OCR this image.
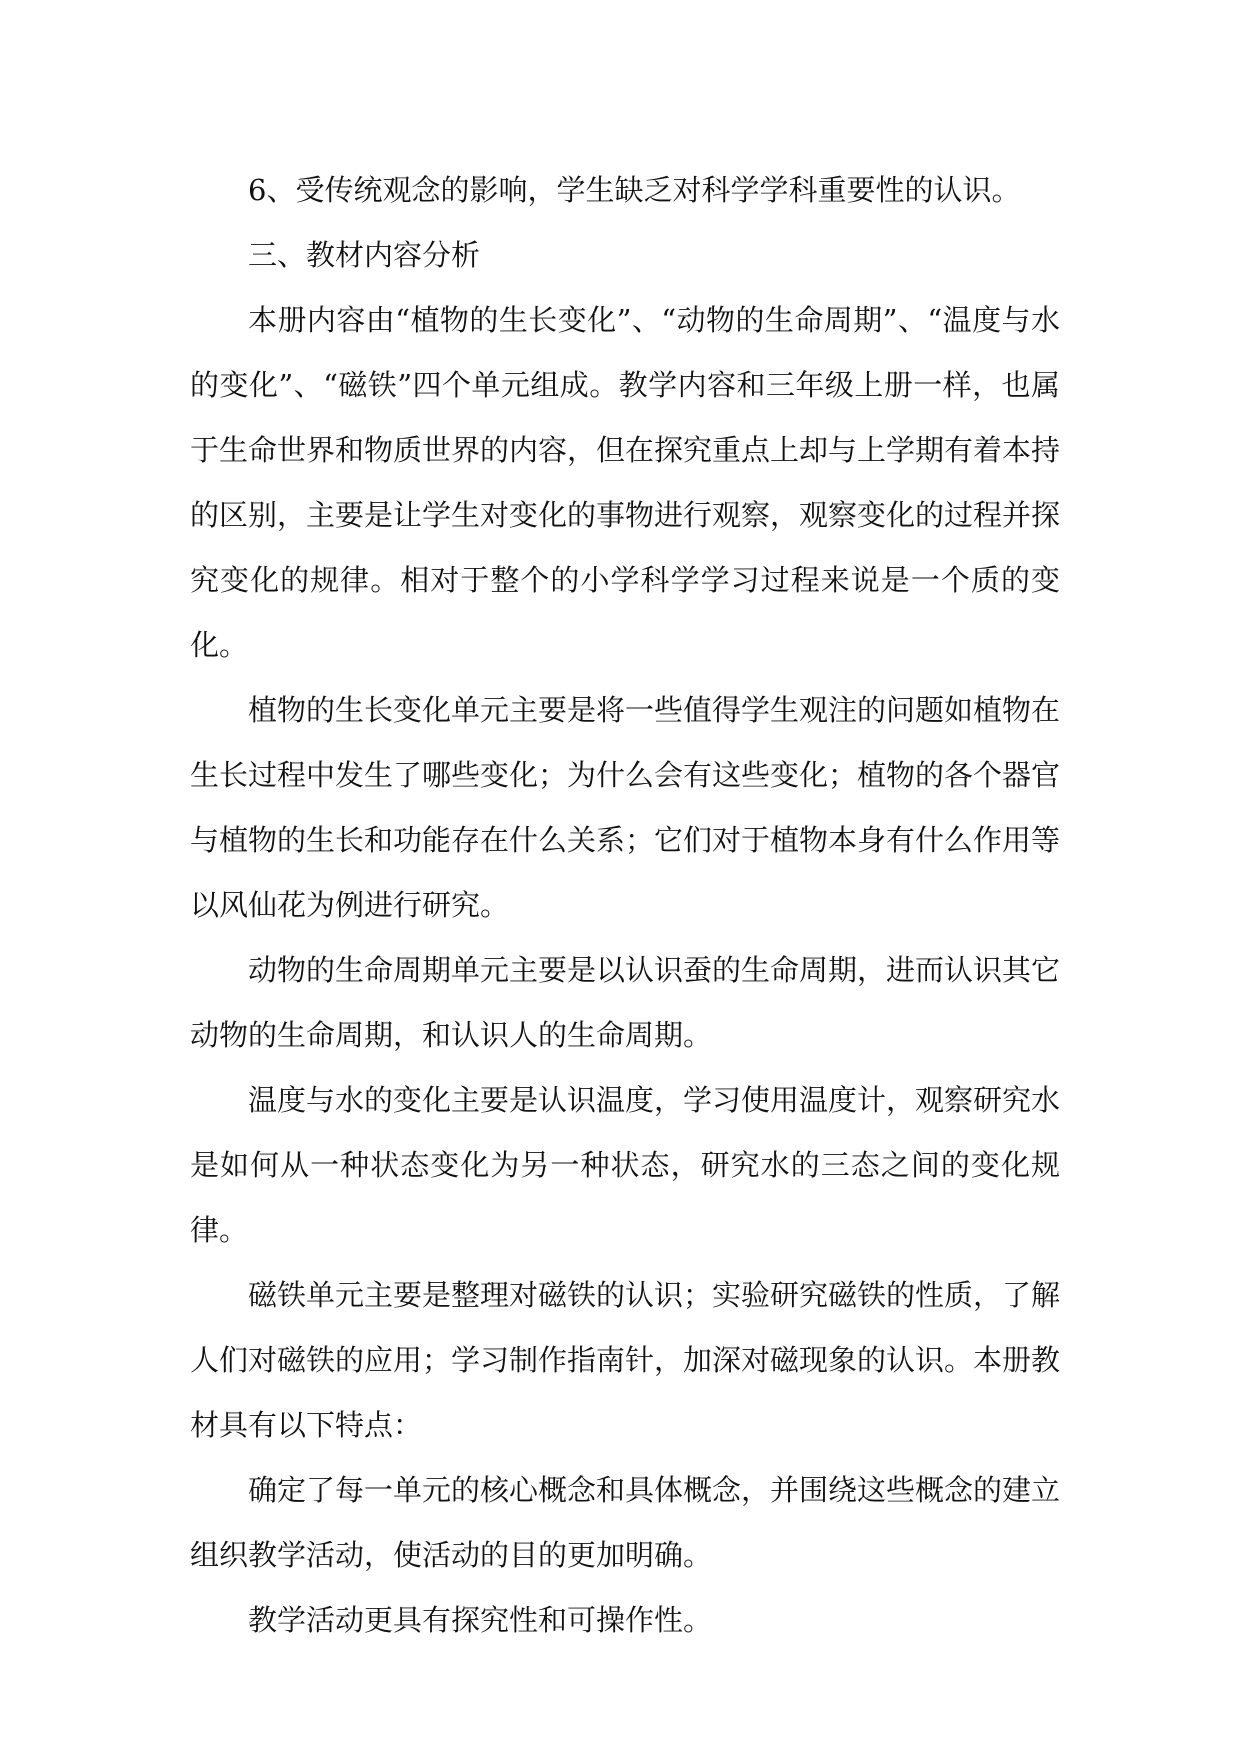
6、受传统观念的影响，学生缺乏对科学学科重要性的认识。

三、教材内容分析

本册内容由“植物的生长变化”、“动物的生命周期”、“温度与水的变化”、“磁铁”四个单元组成。教学内容和三年级上册一样，也属于生命世界和物质世界的内容，但在探究重点上却与上学期有着本持的区别，主要是让学生对变化的事物进行观察，观察变化的过程并探究变化的规律。相对于整个的小学科学学习过程来说是一个质的变化。

植物的生长变化单元主要是将一些值得学生观注的问题如植物在生长过程中发生了哪些变化；为什么会有这些变化；植物的各个器官与植物的生长和功能存在什么关系；它们对于植物本身有什么作用等以风仙花为例进行研究。

动物的生命周期单元主要是以认识蚕的生命周期，进而认识其它动物的生命周期，和认识人的生命周期。

温度与水的变化主要是认识温度，学习使用温度计，观察研究水是如何从一种状态变化为另一种状态，研究水的三态之间的变化规律。

磁铁单元主要是整理对磁铁的认识；实验研究磁铁的性质，了解人们对磁铁的应用；学习制作指南针，加深对磁现象的认识。本册教材具有以下特点：

确定了每一单元的核心概念和具体概念，并围绕这些概念的建立组织教学活动，使活动的目的更加明确。

教学活动更具有探究性和可操作性。
